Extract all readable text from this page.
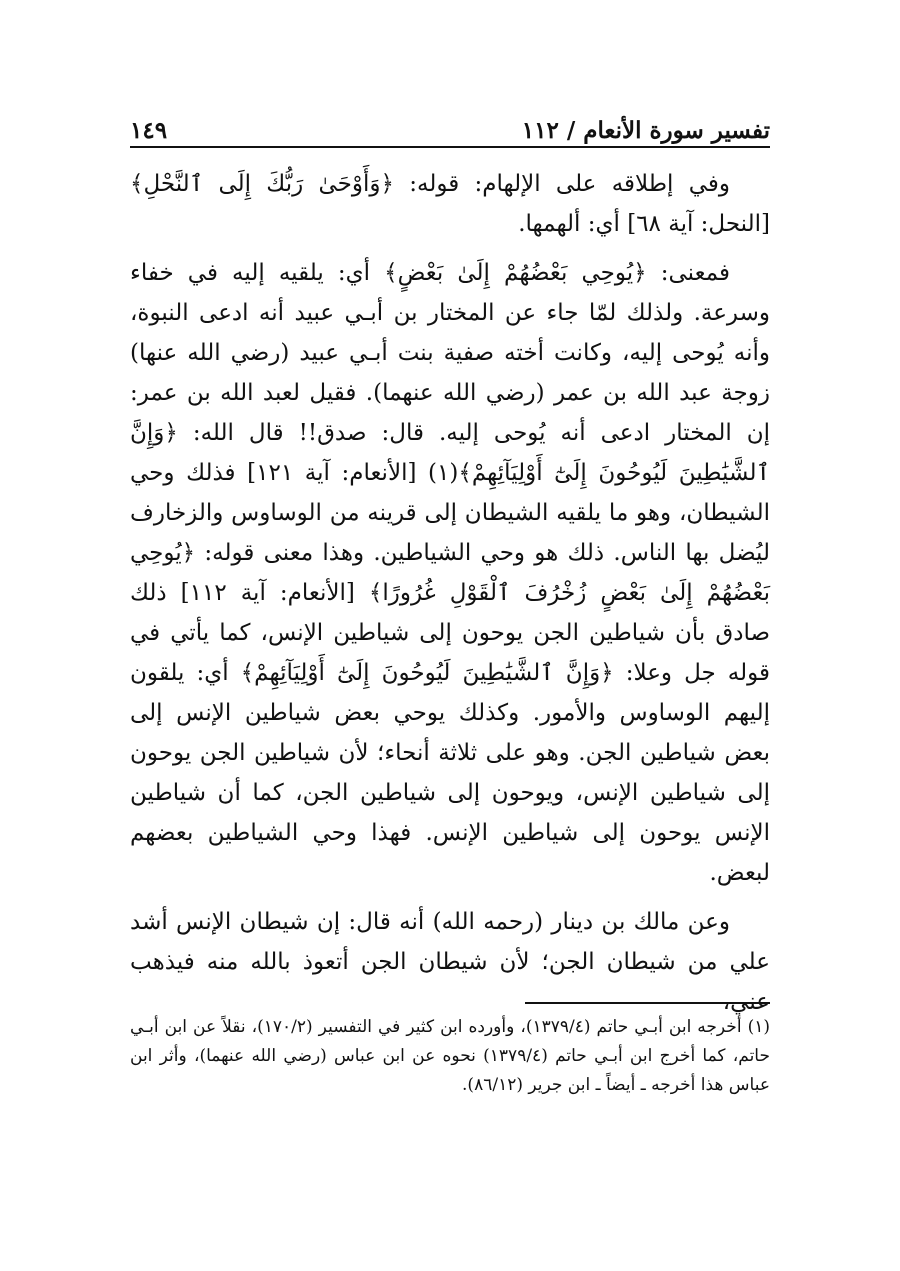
تفسير سورة الأنعام / ١١٢
١٤٩

وفي إطلاقه على الإلهام: قوله: ﴿وَأَوْحَىٰ رَبُّكَ إِلَى ٱلنَّحْلِ﴾ [النحل: آية ٦٨] أي: ألهمها.

فمعنى: ﴿يُوحِي بَعْضُهُمْ إِلَىٰ بَعْضٍ﴾ أي: يلقيه إليه في خفاء وسرعة. ولذلك لمّا جاء عن المختار بن أبـي عبيد أنه ادعى النبوة، وأنه يُوحى إليه، وكانت أخته صفية بنت أبـي عبيد (رضي الله عنها) زوجة عبد الله بن عمر (رضي الله عنهما). فقيل لعبد الله بن عمر: إن المختار ادعى أنه يُوحى إليه. قال: صدق!! قال الله: ﴿وَإِنَّ ٱلشَّيَٰطِينَ لَيُوحُونَ إِلَىٰٓ أَوْلِيَآئِهِمْ﴾(١) [الأنعام: آية ١٢١] فذلك وحي الشيطان، وهو ما يلقيه الشيطان إلى قرينه من الوساوس والزخارف ليُضل بها الناس. ذلك هو وحي الشياطين. وهذا معنى قوله: ﴿يُوحِي بَعْضُهُمْ إِلَىٰ بَعْضٍ زُخْرُفَ ٱلْقَوْلِ غُرُورًا﴾ [الأنعام: آية ١١٢] ذلك صادق بأن شياطين الجن يوحون إلى شياطين الإنس، كما يأتي في قوله جل وعلا: ﴿وَإِنَّ ٱلشَّيَٰطِينَ لَيُوحُونَ إِلَىٰٓ أَوْلِيَآئِهِمْ﴾ أي: يلقون إليهم الوساوس والأمور. وكذلك يوحي بعض شياطين الإنس إلى بعض شياطين الجن. وهو على ثلاثة أنحاء؛ لأن شياطين الجن يوحون إلى شياطين الإنس، ويوحون إلى شياطين الجن، كما أن شياطين الإنس يوحون إلى شياطين الإنس. فهذا وحي الشياطين بعضهم لبعض.

وعن مالك بن دينار (رحمه الله) أنه قال: إن شيطان الإنس أشد علي من شيطان الجن؛ لأن شيطان الجن أتعوذ بالله منه فيذهب عني،

(١) أخرجه ابن أبـي حاتم (١٣٧٩/٤)، وأورده ابن كثير في التفسير (١٧٠/٢)، نقلاً عن ابن أبـي حاتم، كما أخرج ابن أبـي حاتم (١٣٧٩/٤) نحوه عن ابن عباس (رضي الله عنهما)، وأثر ابن عباس هذا أخرجه ـ أيضاً ـ ابن جرير (٨٦/١٢).
